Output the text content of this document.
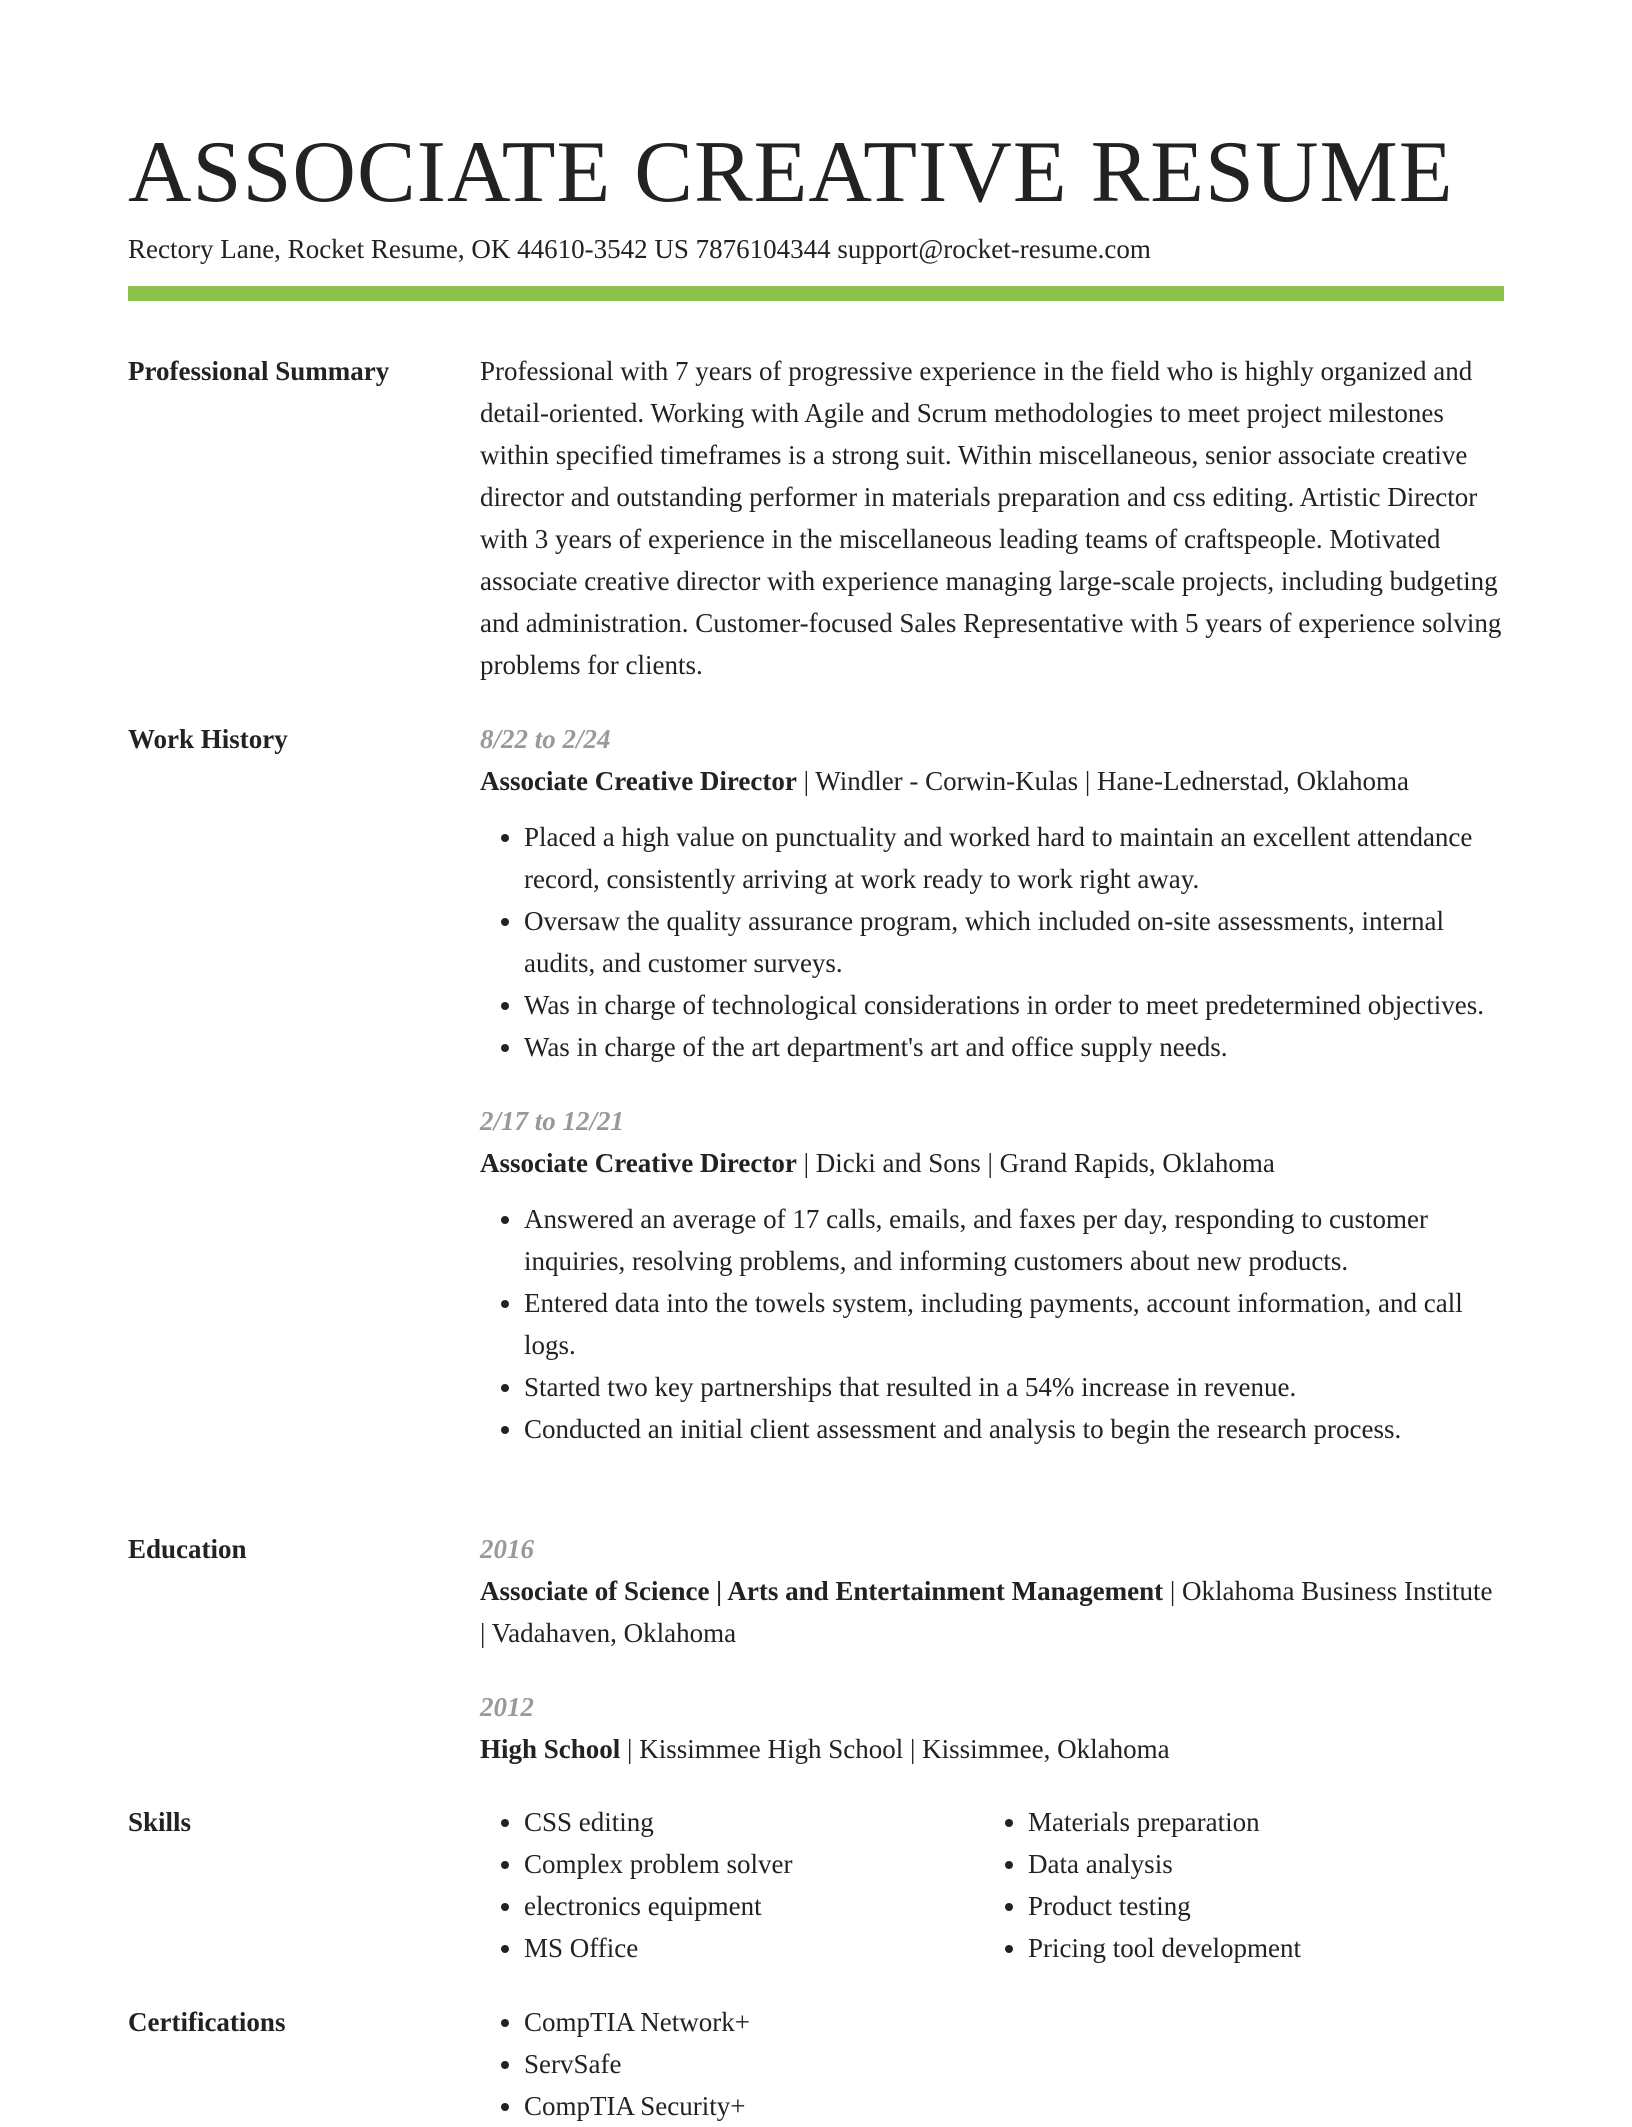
ASSOCIATE CREATIVE RESUME
Rectory Lane, Rocket Resume, OK 44610-3542 US 7876104344 support@rocket-resume.com
Professional Summary	Professional with 7 years of progressive experience in the field who is highly organized and detail-oriented. Working with Agile and Scrum methodologies to meet project milestones within specified timeframes is a strong suit. Within miscellaneous, senior associate creative director and outstanding performer in materials preparation and css editing. Artistic Director with 3 years of experience in the miscellaneous leading teams of craftspeople. Motivated associate creative director with experience managing large-scale projects, including budgeting and administration. Customer-focused Sales Representative with 5 years of experience solving problems for clients.

Work History	8/22 to 2/24
Associate Creative Director | Windler - Corwin-Kulas | Hane-Lednerstad, Oklahoma
• Placed a high value on punctuality and worked hard to maintain an excellent attendance record, consistently arriving at work ready to work right away.
• Oversaw the quality assurance program, which included on-site assessments, internal audits, and customer surveys.
• Was in charge of technological considerations in order to meet predetermined objectives.
• Was in charge of the art department's art and office supply needs.
2/17 to 12/21
Associate Creative Director | Dicki and Sons | Grand Rapids, Oklahoma
• Answered an average of 17 calls, emails, and faxes per day, responding to customer inquiries, resolving problems, and informing customers about new products.
• Entered data into the towels system, including payments, account information, and call logs.
• Started two key partnerships that resulted in a 54% increase in revenue.
• Conducted an initial client assessment and analysis to begin the research process.
Education	2016
Associate of Science | Arts and Entertainment Management | Oklahoma Business Institute | Vadahaven, Oklahoma
2012
High School | Kissimmee High School | Kissimmee, Oklahoma
Skills	• CSS editing
• Complex problem solver
• electronics equipment
• MS Office
• Materials preparation
• Data analysis
• Product testing
• Pricing tool development
Certifications	• CompTIA Network+
• ServSafe
• CompTIA Security+
